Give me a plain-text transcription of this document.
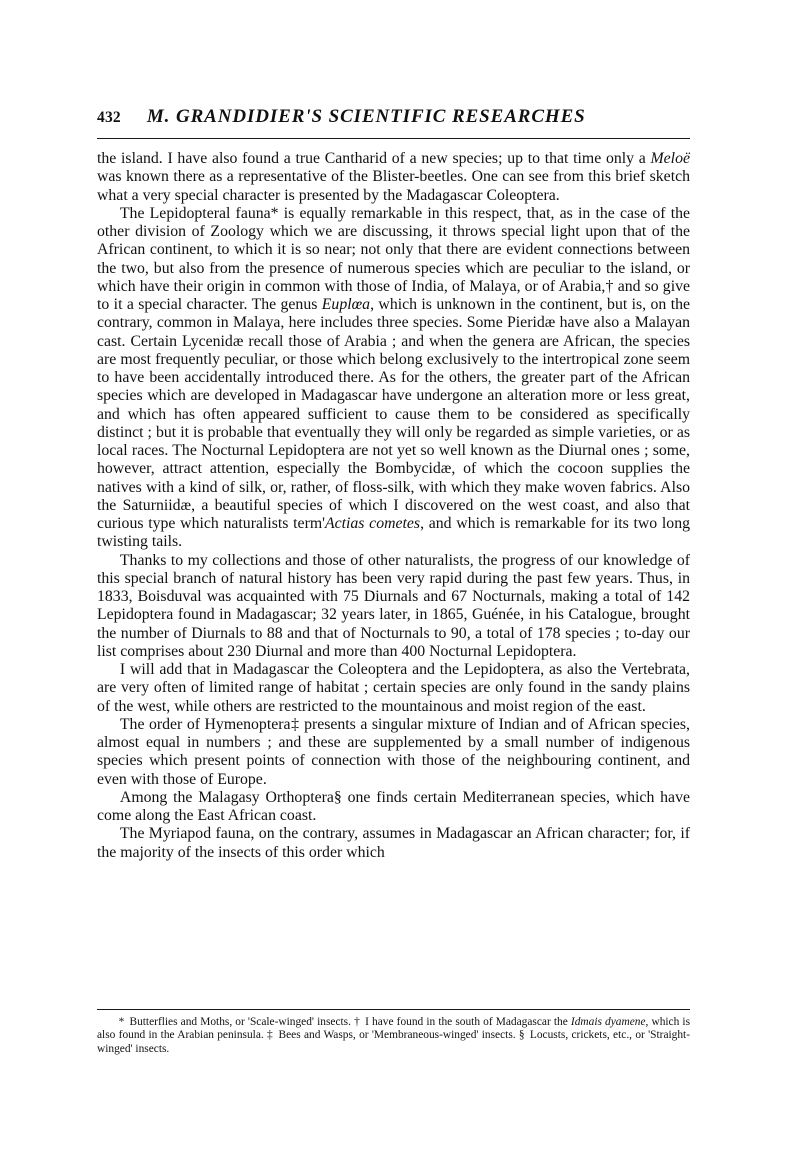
432 M. GRANDIDIER'S SCIENTIFIC RESEARCHES

the island. I have also found a true Cantharid of a new species; up to that time only a Meloë was known there as a representative of the Blister-beetles. One can see from this brief sketch what a very special character is presented by the Madagascar Coleoptera.

The Lepidopteral fauna* is equally remarkable in this respect, that, as in the case of the other division of Zoology which we are discussing, it throws special light upon that of the African continent, to which it is so near; not only that there are evident connections between the two, but also from the presence of numerous species which are peculiar to the island, or which have their origin in common with those of India, of Malaya, or of Arabia,† and so give to it a special character. The genus Euplœa, which is unknown in the continent, but is, on the contrary, common in Malaya, here includes three species. Some Pieridæ have also a Malayan cast. Certain Lycenidæ recall those of Arabia ; and when the genera are African, the species are most frequently peculiar, or those which belong exclusively to the intertropical zone seem to have been accidentally introduced there. As for the others, the greater part of the African species which are developed in Madagascar have undergone an alteration more or less great, and which has often appeared sufficient to cause them to be considered as specifically distinct ; but it is probable that eventually they will only be regarded as simple varieties, or as local races. The Nocturnal Lepidoptera are not yet so well known as the Diurnal ones ; some, however, attract attention, especially the Bombycidæ, of which the cocoon supplies the natives with a kind of silk, or, rather, of floss-silk, with which they make woven fabrics. Also the Saturniidæ, a beautiful species of which I discovered on the west coast, and also that curious type which naturalists term'Actias cometes, and which is remarkable for its two long twisting tails.

Thanks to my collections and those of other naturalists, the progress of our knowledge of this special branch of natural history has been very rapid during the past few years. Thus, in 1833, Boisduval was acquainted with 75 Diurnals and 67 Nocturnals, making a total of 142 Lepidoptera found in Madagascar; 32 years later, in 1865, Guénée, in his Catalogue, brought the number of Diurnals to 88 and that of Nocturnals to 90, a total of 178 species ; to-day our list comprises about 230 Diurnal and more than 400 Nocturnal Lepidoptera.

I will add that in Madagascar the Coleoptera and the Lepidoptera, as also the Vertebrata, are very often of limited range of habitat ; certain species are only found in the sandy plains of the west, while others are restricted to the mountainous and moist region of the east.

The order of Hymenoptera‡ presents a singular mixture of Indian and of African species, almost equal in numbers ; and these are supplemented by a small number of indigenous species which present points of connection with those of the neighbouring continent, and even with those of Europe.

Among the Malagasy Orthoptera§ one finds certain Mediterranean species, which have come along the East African coast.

The Myriapod fauna, on the contrary, assumes in Madagascar an African character; for, if the majority of the insects of this order which

* Butterflies and Moths, or 'Scale-winged' insects. † I have found in the south of Madagascar the Idmais dyamene, which is also found in the Arabian peninsula. ‡ Bees and Wasps, or 'Membraneous-winged' insects. § Locusts, crickets, etc., or 'Straight-winged' insects.
